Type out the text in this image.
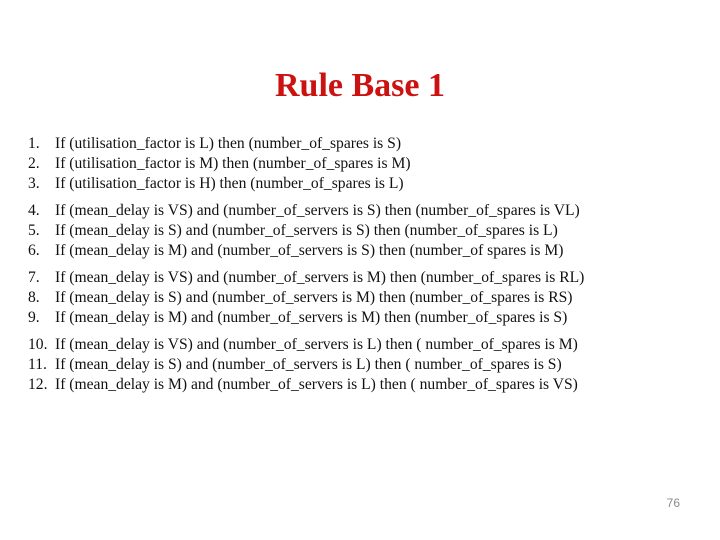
Rule Base 1
1. If (utilisation_factor is L) then (number_of_spares is S)
2. If (utilisation_factor is M) then (number_of_spares is M)
3. If (utilisation_factor is H) then (number_of_spares is L)
4. If (mean_delay is VS) and (number_of_servers is S) then (number_of_spares is VL)
5. If (mean_delay is S) and (number_of_servers is S) then (number_of_spares is L)
6. If (mean_delay is M) and (number_of_servers is S) then (number_of spares is M)
7. If (mean_delay is VS) and (number_of_servers is M) then (number_of_spares is RL)
8. If (mean_delay is S) and (number_of_servers is M) then (number_of_spares is RS)
9. If (mean_delay is M) and (number_of_servers is M) then (number_of_spares is S)
10. If (mean_delay is VS) and (number_of_servers is L) then ( number_of_spares is M)
11. If (mean_delay is S) and (number_of_servers is L) then ( number_of_spares is S)
12. If (mean_delay is M) and (number_of_servers is L) then ( number_of_spares is VS)
76
